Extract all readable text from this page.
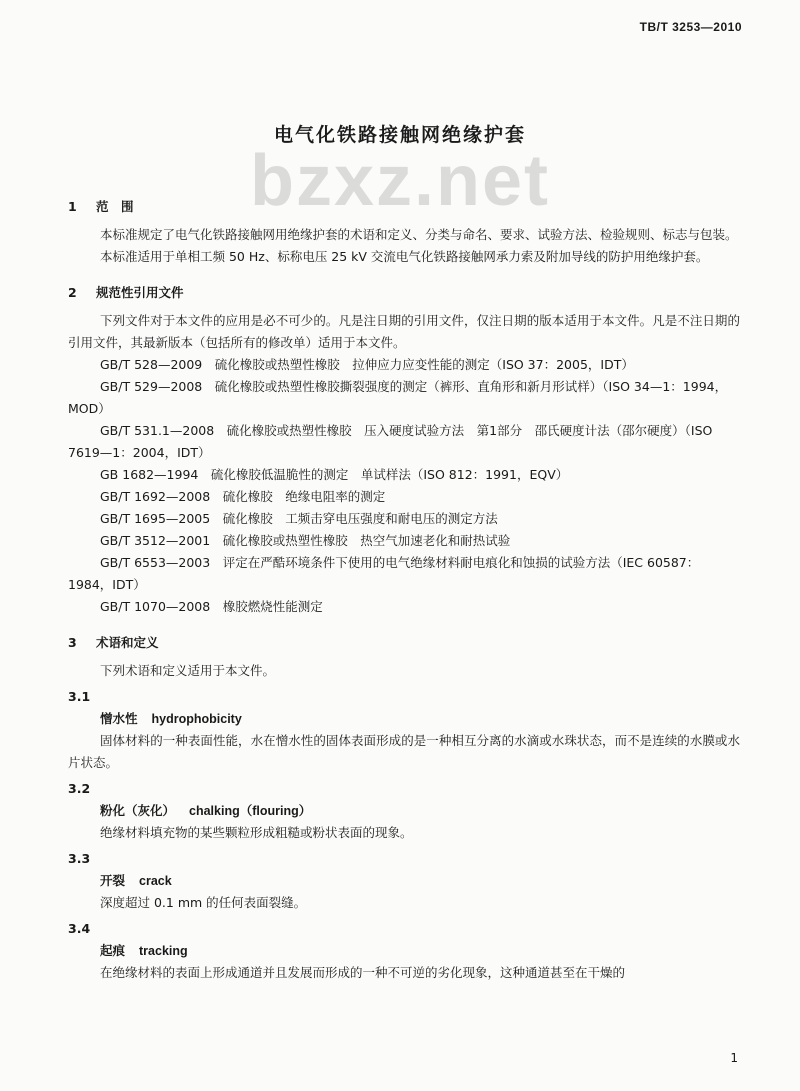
TB/T 3253—2010
bzxz.net
电气化铁路接触网绝缘护套
1 范　围
本标准规定了电气化铁路接触网用绝缘护套的术语和定义、分类与命名、要求、试验方法、检验规则、标志与包装。
本标准适用于单相工频 50 Hz、标称电压 25 kV 交流电气化铁路接触网承力索及附加导线的防护用绝缘护套。
2 规范性引用文件
下列文件对于本文件的应用是必不可少的。凡是注日期的引用文件，仅注日期的版本适用于本文件。凡是不注日期的引用文件，其最新版本（包括所有的修改单）适用于本文件。
GB/T 528—2009　硫化橡胶或热塑性橡胶　拉伸应力应变性能的测定（ISO 37：2005，IDT）
GB/T 529—2008　硫化橡胶或热塑性橡胶撕裂强度的测定（裤形、直角形和新月形试样）（ISO 34—1：1994，MOD）
GB/T 531.1—2008　硫化橡胶或热塑性橡胶　压入硬度试验方法　第1部分　邵氏硬度计法（邵尔硬度）（ISO 7619—1：2004，IDT）
GB 1682—1994　硫化橡胶低温脆性的测定　单试样法（ISO 812：1991，EQV）
GB/T 1692—2008　硫化橡胶　绝缘电阻率的测定
GB/T 1695—2005　硫化橡胶　工频击穿电压强度和耐电压的测定方法
GB/T 3512—2001　硫化橡胶或热塑性橡胶　热空气加速老化和耐热试验
GB/T 6553—2003　评定在严酷环境条件下使用的电气绝缘材料耐电痕化和蚀损的试验方法（IEC 60587：1984，IDT）
GB/T 1070—2008　橡胶燃烧性能测定
3 术语和定义
下列术语和定义适用于本文件。
3.1
憎水性 hydrophobicity
固体材料的一种表面性能，水在憎水性的固体表面形成的是一种相互分离的水滴或水珠状态，而不是连续的水膜或水片状态。
3.2
粉化（灰化） chalking（flouring）
绝缘材料填充物的某些颗粒形成粗糙或粉状表面的现象。
3.3
开裂 crack
深度超过 0.1 mm 的任何表面裂缝。
3.4
起痕 tracking
在绝缘材料的表面上形成通道并且发展而形成的一种不可逆的劣化现象，这种通道甚至在干燥的
1
